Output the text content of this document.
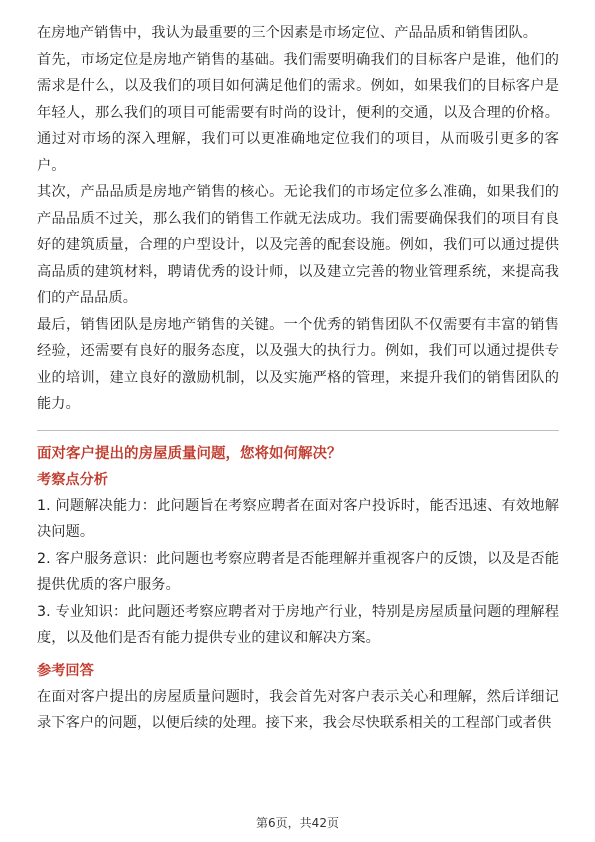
在房地产销售中，我认为最重要的三个因素是市场定位、产品品质和销售团队。

首先，市场定位是房地产销售的基础。我们需要明确我们的目标客户是谁，他们的需求是什么，以及我们的项目如何满足他们的需求。例如，如果我们的目标客户是年轻人，那么我们的项目可能需要有时尚的设计，便利的交通，以及合理的价格。通过对市场的深入理解，我们可以更准确地定位我们的项目，从而吸引更多的客户。

其次，产品品质是房地产销售的核心。无论我们的市场定位多么准确，如果我们的产品品质不过关，那么我们的销售工作就无法成功。我们需要确保我们的项目有良好的建筑质量，合理的户型设计，以及完善的配套设施。例如，我们可以通过提供高品质的建筑材料，聘请优秀的设计师，以及建立完善的物业管理系统，来提高我们的产品品质。

最后，销售团队是房地产销售的关键。一个优秀的销售团队不仅需要有丰富的销售经验，还需要有良好的服务态度，以及强大的执行力。例如，我们可以通过提供专业的培训，建立良好的激励机制，以及实施严格的管理，来提升我们的销售团队的能力。

面对客户提出的房屋质量问题，您将如何解决？

考察点分析

1. 问题解决能力：此问题旨在考察应聘者在面对客户投诉时，能否迅速、有效地解决问题。

2. 客户服务意识：此问题也考察应聘者是否能理解并重视客户的反馈，以及是否能提供优质的客户服务。

3. 专业知识：此问题还考察应聘者对于房地产行业，特别是房屋质量问题的理解程度，以及他们是否有能力提供专业的建议和解决方案。

参考回答

在面对客户提出的房屋质量问题时，我会首先对客户表示关心和理解，然后详细记录下客户的问题，以便后续的处理。接下来，我会尽快联系相关的工程部门或者供

第6页，共42页
